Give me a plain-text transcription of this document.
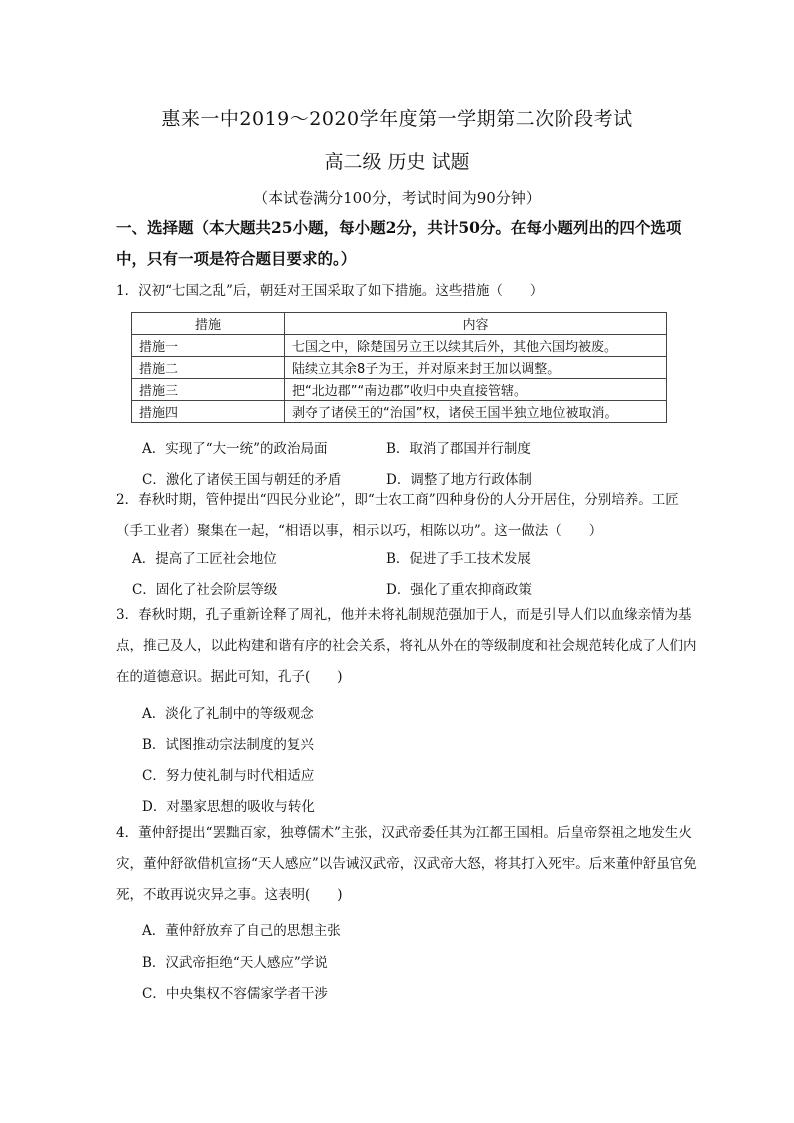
惠来一中2019～2020学年度第一学期第二次阶段考试
高二级 历史 试题
（本试卷满分100分，考试时间为90分钟）
一、选择题（本大题共25小题，每小题2分，共计50分。在每小题列出的四个选项中，只有一项是符合题目要求的。）
1．汉初“七国之乱”后，朝廷对王国采取了如下措施。这些措施（　　）
措施	内容
措施一	七国之中，除楚国另立王以续其后外，其他六国均被废。
措施二	陆续立其余8子为王，并对原来封王加以调整。
措施三	把“北边郡”“南边郡”收归中央直接管辖。
措施四	剥夺了诸侯王的“治国”权，诸侯王国半独立地位被取消。
A．实现了“大一统”的政治局面	B．取消了郡国并行制度
C．激化了诸侯王国与朝廷的矛盾	D．调整了地方行政体制
2．春秋时期，管仲提出“四民分业论”，即“士农工商”四种身份的人分开居住，分别培养。工匠（手工业者）聚集在一起，“相语以事，相示以巧，相陈以功”。这一做法（　　）
A．提高了工匠社会地位	B．促进了手工技术发展
C．固化了社会阶层等级	D．强化了重农抑商政策
3．春秋时期，孔子重新诠释了周礼，他并未将礼制规范强加于人，而是引导人们以血缘亲情为基点，推己及人，以此构建和谐有序的社会关系，将礼从外在的等级制度和社会规范转化成了人们内在的道德意识。据此可知，孔子(　　)
A．淡化了礼制中的等级观念
B．试图推动宗法制度的复兴
C．努力使礼制与时代相适应
D．对墨家思想的吸收与转化
4．董仲舒提出“罢黜百家，独尊儒术”主张，汉武帝委任其为江都王国相。后皇帝祭祖之地发生火灾，董仲舒欲借机宣扬“天人感应”以告诫汉武帝，汉武帝大怒，将其打入死牢。后来董仲舒虽官免死，不敢再说灾异之事。这表明(　　)
A．董仲舒放弃了自己的思想主张
B．汉武帝拒绝“天人感应”学说
C．中央集权不容儒家学者干涉
